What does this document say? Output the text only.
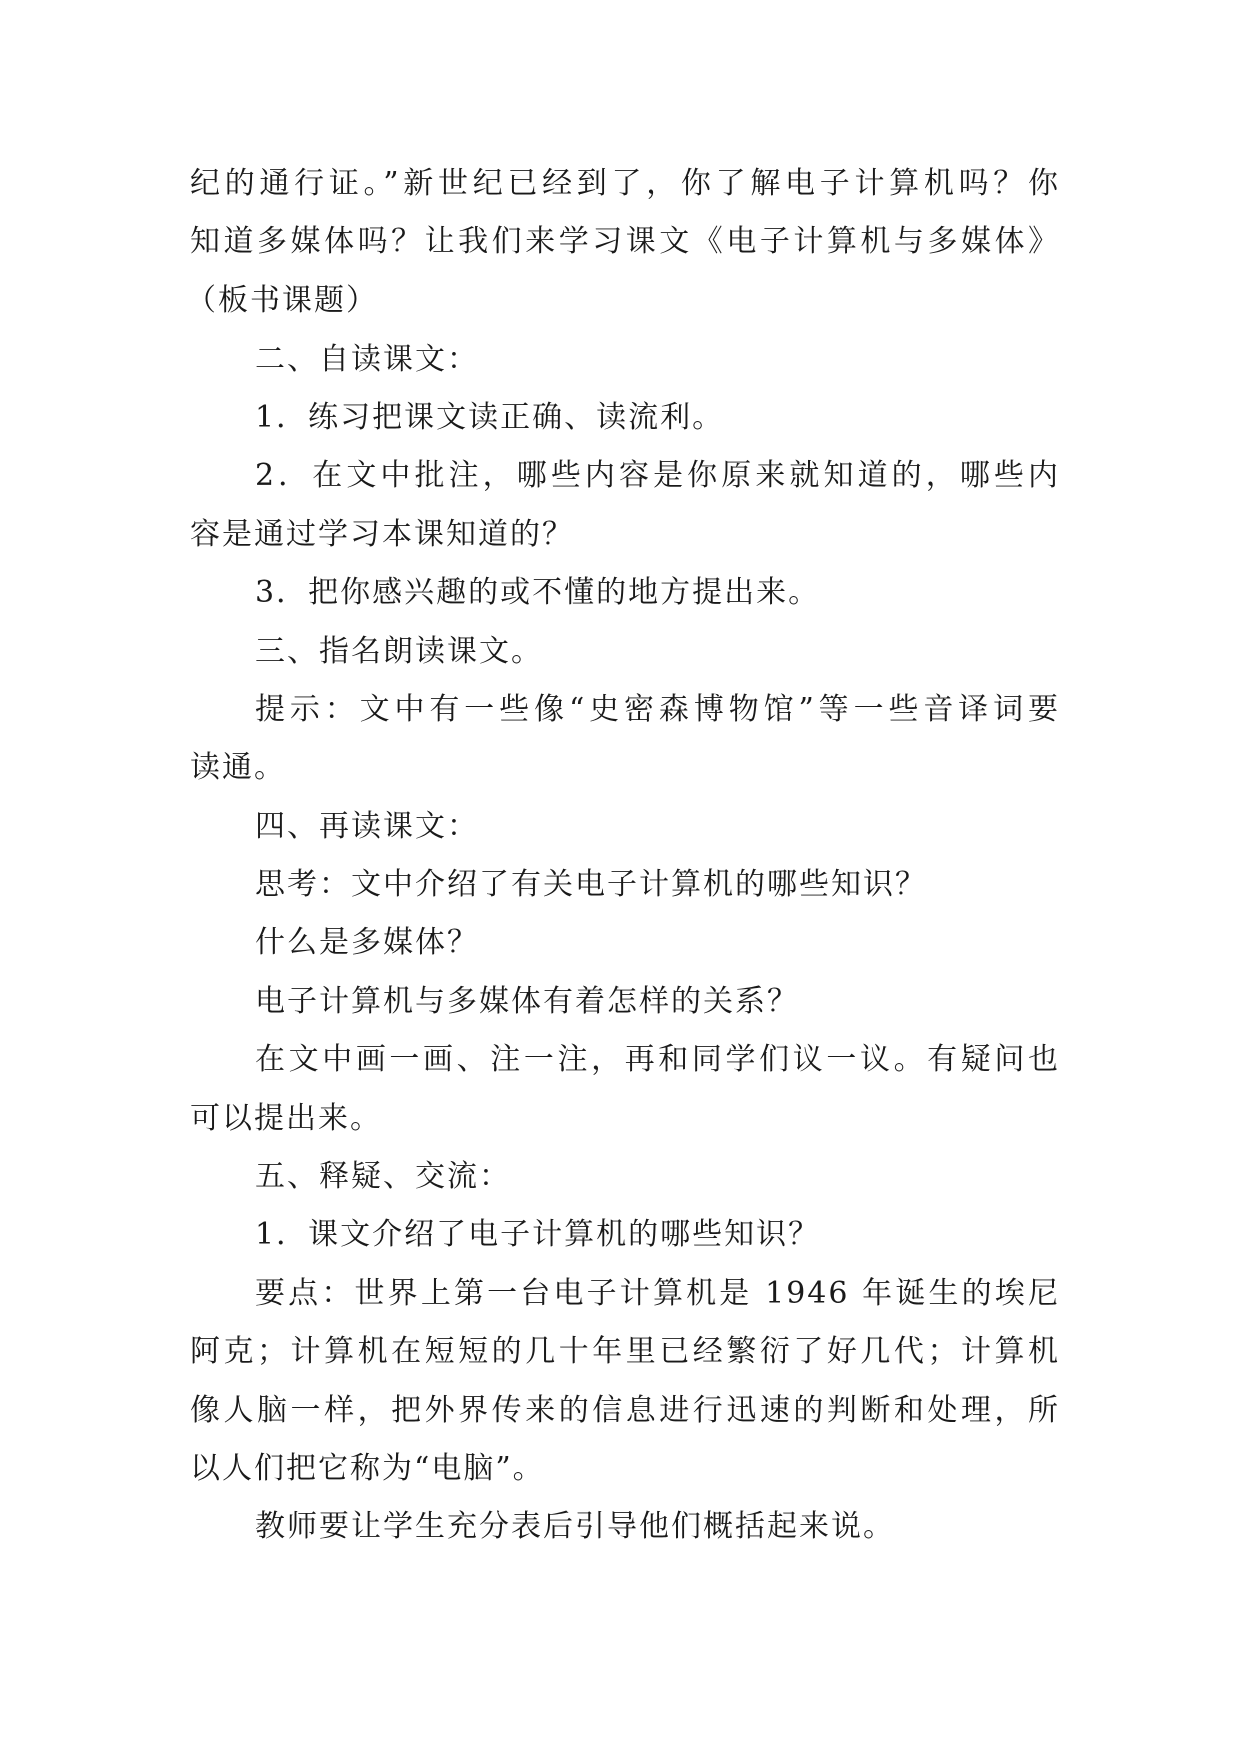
纪的通行证。”新世纪已经到了，你了解电子计算机吗？你
知道多媒体吗？让我们来学习课文《电子计算机与多媒体》
（板书课题）
二、自读课文：
1．练习把课文读正确、读流利。
2．在文中批注，哪些内容是你原来就知道的，哪些内
容是通过学习本课知道的？
3．把你感兴趣的或不懂的地方提出来。
三、指名朗读课文。
提示：文中有一些像“史密森博物馆”等一些音译词要
读通。
四、再读课文：
思考：文中介绍了有关电子计算机的哪些知识？
什么是多媒体？
电子计算机与多媒体有着怎样的关系？
在文中画一画、注一注，再和同学们议一议。有疑问也
可以提出来。
五、释疑、交流：
1．课文介绍了电子计算机的哪些知识？
要点：世界上第一台电子计算机是 1946 年诞生的埃尼
阿克；计算机在短短的几十年里已经繁衍了好几代；计算机
像人脑一样，把外界传来的信息进行迅速的判断和处理，所
以人们把它称为“电脑”。
教师要让学生充分表后引导他们概括起来说。
